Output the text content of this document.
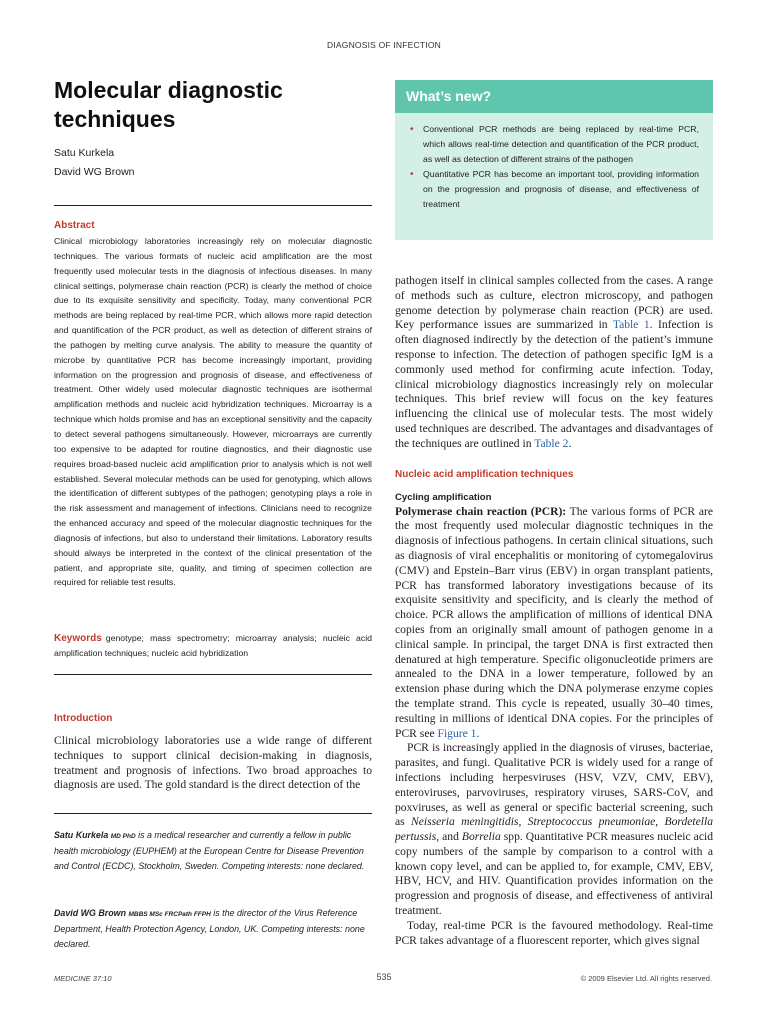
DIAGNOSIS OF INFECTION
Molecular diagnostic techniques
Satu Kurkela
David WG Brown
Abstract

Clinical microbiology laboratories increasingly rely on molecular diagnostic techniques. The various formats of nucleic acid amplification are the most frequently used molecular tests in the diagnosis of infectious diseases. In many clinical settings, polymerase chain reaction (PCR) is clearly the method of choice due to its exquisite sensitivity and specificity. Today, many conventional PCR methods are being replaced by real-time PCR, which allows more rapid detection and quantification of the PCR product, as well as detection of different strains of the pathogen by melting curve analysis. The ability to measure the quantity of microbe by quantitative PCR has become increasingly important, providing information on the progression and prognosis of disease, and effectiveness of treatment. Other widely used molecular diagnostic techniques are isothermal amplification methods and nucleic acid hybridization techniques. Microarray is a technique which holds promise and has an exceptional sensitivity and the capacity to detect several pathogens simultaneously. However, microarrays are currently too expensive to be adapted for routine diagnostics, and their diagnostic use requires broad-based nucleic acid amplification prior to analysis which is not well established. Several molecular methods can be used for genotyping, which allows the identification of different subtypes of the pathogen; genotyping plays a role in the risk assessment and management of infections. Clinicians need to recognize the enhanced accuracy and speed of the molecular diagnostic techniques for the diagnosis of infections, but also to understand their limitations. Laboratory results should always be interpreted in the context of the clinical presentation of the patient, and appropriate site, quality, and timing of specimen collection are required for reliable test results.

Keywords genotype; mass spectrometry; microarray analysis; nucleic acid amplification techniques; nucleic acid hybridization
Introduction

Clinical microbiology laboratories use a wide range of different techniques to support clinical decision-making in diagnosis, treatment and prognosis of infections. Two broad approaches to diagnosis are used. The gold standard is the direct detection of the

Satu Kurkela MD PhD is a medical researcher and currently a fellow in public health microbiology (EUPHEM) at the European Centre for Disease Prevention and Control (ECDC), Stockholm, Sweden. Competing interests: none declared.
David WG Brown MBBS MSc FRCPath FFPH is the director of the Virus Reference Department, Health Protection Agency, London, UK. Competing interests: none declared.
What’s new?
• Conventional PCR methods are being replaced by real-time PCR, which allows real-time detection and quantification of the PCR product, as well as detection of different strains of the pathogen
• Quantitative PCR has become an important tool, providing information on the progression and prognosis of disease, and effectiveness of treatment

pathogen itself in clinical samples collected from the cases. A range of methods such as culture, electron microscopy, and pathogen genome detection by polymerase chain reaction (PCR) are used. Key performance issues are summarized in Table 1. Infection is often diagnosed indirectly by the detection of the patient’s immune response to infection. The detection of pathogen specific IgM is a commonly used method for confirming acute infection. Today, clinical microbiology diagnostics increasingly rely on molecular techniques. This brief review will focus on the key features influencing the clinical use of molecular tests. The most widely used techniques are described. The advantages and disadvantages of the techniques are outlined in Table 2.

Nucleic acid amplification techniques
Cycling amplification

Polymerase chain reaction (PCR): The various forms of PCR are the most frequently used molecular diagnostic techniques in the diagnosis of infectious pathogens. In certain clinical situations, such as diagnosis of viral encephalitis or monitoring of cytomegalovirus (CMV) and Epstein–Barr virus (EBV) in organ transplant patients, PCR has transformed laboratory investigations because of its exquisite sensitivity and specificity, and is clearly the method of choice. PCR allows the amplification of millions of identical DNA copies from an originally small amount of pathogen genome in a clinical sample. In principal, the target DNA is first extracted then denatured at high temperature. Specific oligonucleotide primers are annealed to the DNA in a lower temperature, followed by an extension phase during which the DNA polymerase enzyme copies the template strand. This cycle is repeated, usually 30–40 times, resulting in millions of identical DNA copies. For the principles of PCR see Figure 1.

PCR is increasingly applied in the diagnosis of viruses, bacteriae, parasites, and fungi. Qualitative PCR is widely used for a range of infections including herpesviruses (HSV, VZV, CMV, EBV), enteroviruses, parvoviruses, respiratory viruses, SARS-CoV, and poxviruses, as well as general or specific bacterial screening, such as Neisseria meningitidis, Streptococcus pneumoniae, Bordetella pertussis, and Borrelia spp. Quantitative PCR measures nucleic acid copy numbers of the sample by comparison to a control with a known copy level, and can be applied to, for example, CMV, EBV, HBV, HCV, and HIV. Quantification provides information on the progression and prognosis of disease, and effectiveness of antiviral treatment.

Today, real-time PCR is the favoured methodology. Real-time PCR takes advantage of a fluorescent reporter, which gives signal

MEDICINE 37:10	535	© 2009 Elsevier Ltd. All rights reserved.
